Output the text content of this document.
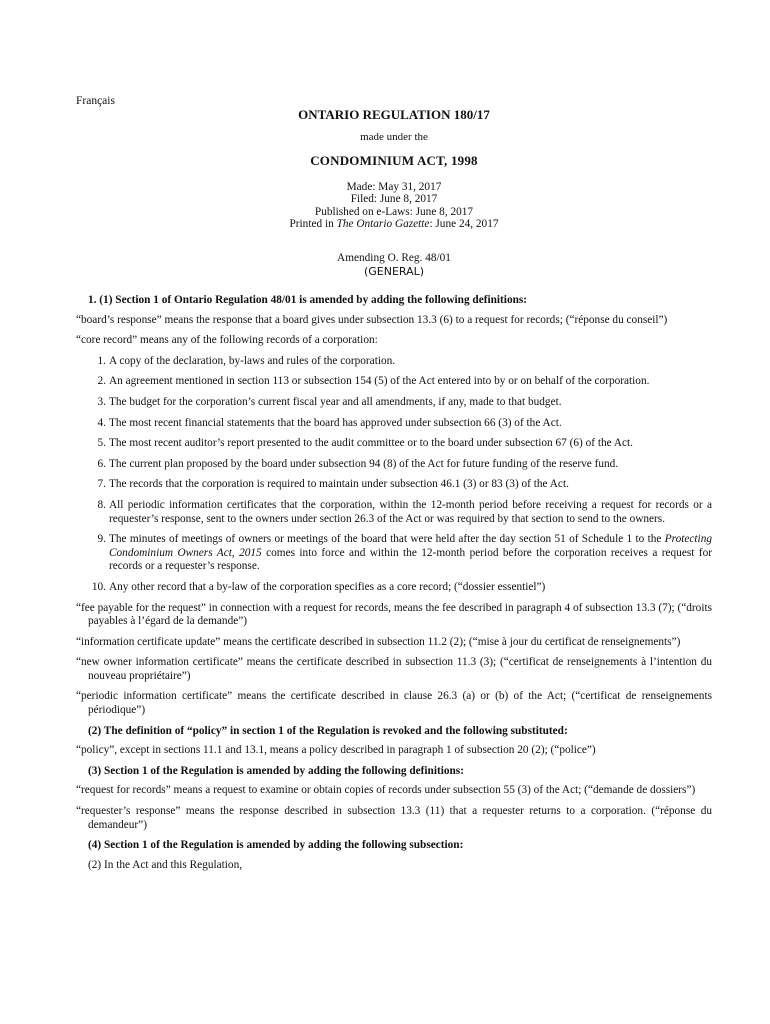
Français
ONTARIO REGULATION 180/17
made under the
CONDOMINIUM ACT, 1998
Made: May 31, 2017
Filed: June 8, 2017
Published on e-Laws: June 8, 2017
Printed in The Ontario Gazette: June 24, 2017
Amending O. Reg. 48/01
(GENERAL)

1. (1) Section 1 of Ontario Regulation 48/01 is amended by adding the following definitions:

“board’s response” means the response that a board gives under subsection 13.3 (6) to a request for records; (“réponse du conseil”)

“core record” means any of the following records of a corporation:

1. A copy of the declaration, by-laws and rules of the corporation.
2. An agreement mentioned in section 113 or subsection 154 (5) of the Act entered into by or on behalf of the corporation.
3. The budget for the corporation’s current fiscal year and all amendments, if any, made to that budget.
4. The most recent financial statements that the board has approved under subsection 66 (3) of the Act.
5. The most recent auditor’s report presented to the audit committee or to the board under subsection 67 (6) of the Act.
6. The current plan proposed by the board under subsection 94 (8) of the Act for future funding of the reserve fund.
7. The records that the corporation is required to maintain under subsection 46.1 (3) or 83 (3) of the Act.
8. All periodic information certificates that the corporation, within the 12-month period before receiving a request for records or a requester’s response, sent to the owners under section 26.3 of the Act or was required by that section to send to the owners.
9. The minutes of meetings of owners or meetings of the board that were held after the day section 51 of Schedule 1 to the Protecting Condominium Owners Act, 2015 comes into force and within the 12-month period before the corporation receives a request for records or a requester’s response.
10. Any other record that a by-law of the corporation specifies as a core record; (“dossier essentiel”)

“fee payable for the request” in connection with a request for records, means the fee described in paragraph 4 of subsection 13.3 (7); (“droits payables à l’égard de la demande”)

“information certificate update” means the certificate described in subsection 11.2 (2); (“mise à jour du certificat de renseignements”)

“new owner information certificate” means the certificate described in subsection 11.3 (3); (“certificat de renseignements à l’intention du nouveau propriétaire”)

“periodic information certificate” means the certificate described in clause 26.3 (a) or (b) of the Act; (“certificat de renseignements périodique”)

(2) The definition of “policy” in section 1 of the Regulation is revoked and the following substituted:

“policy”, except in sections 11.1 and 13.1, means a policy described in paragraph 1 of subsection 20 (2); (“police”)

(3) Section 1 of the Regulation is amended by adding the following definitions:

“request for records” means a request to examine or obtain copies of records under subsection 55 (3) of the Act; (“demande de dossiers”)

“requester’s response” means the response described in subsection 13.3 (11) that a requester returns to a corporation. (“réponse du demandeur”)

(4) Section 1 of the Regulation is amended by adding the following subsection:

(2) In the Act and this Regulation,
